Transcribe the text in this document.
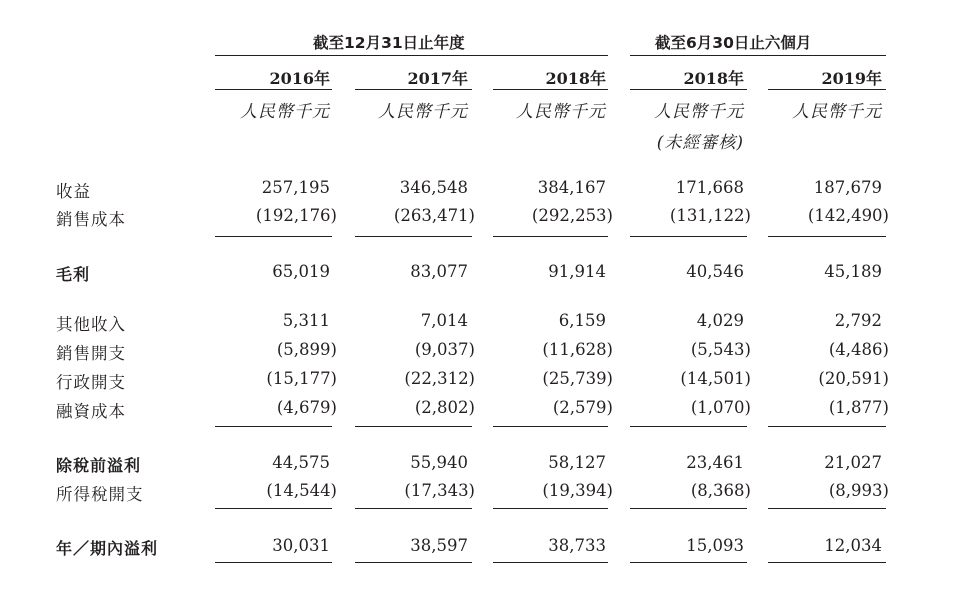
截至12月31日止年度	截至6月30日止六個月
2016年	2017年	2018年	2018年	2019年
人民幣千元	人民幣千元	人民幣千元	人民幣千元	人民幣千元
(未經審核)
收益	257,195	346,548	384,167	171,668	187,679
銷售成本	(192,176)	(263,471)	(292,253)	(131,122)	(142,490)
毛利	65,019	83,077	91,914	40,546	45,189
其他收入	5,311	7,014	6,159	4,029	2,792
銷售開支	(5,899)	(9,037)	(11,628)	(5,543)	(4,486)
行政開支	(15,177)	(22,312)	(25,739)	(14,501)	(20,591)
融資成本	(4,679)	(2,802)	(2,579)	(1,070)	(1,877)
除稅前溢利	44,575	55,940	58,127	23,461	21,027
所得稅開支	(14,544)	(17,343)	(19,394)	(8,368)	(8,993)
年／期內溢利	30,031	38,597	38,733	15,093	12,034
